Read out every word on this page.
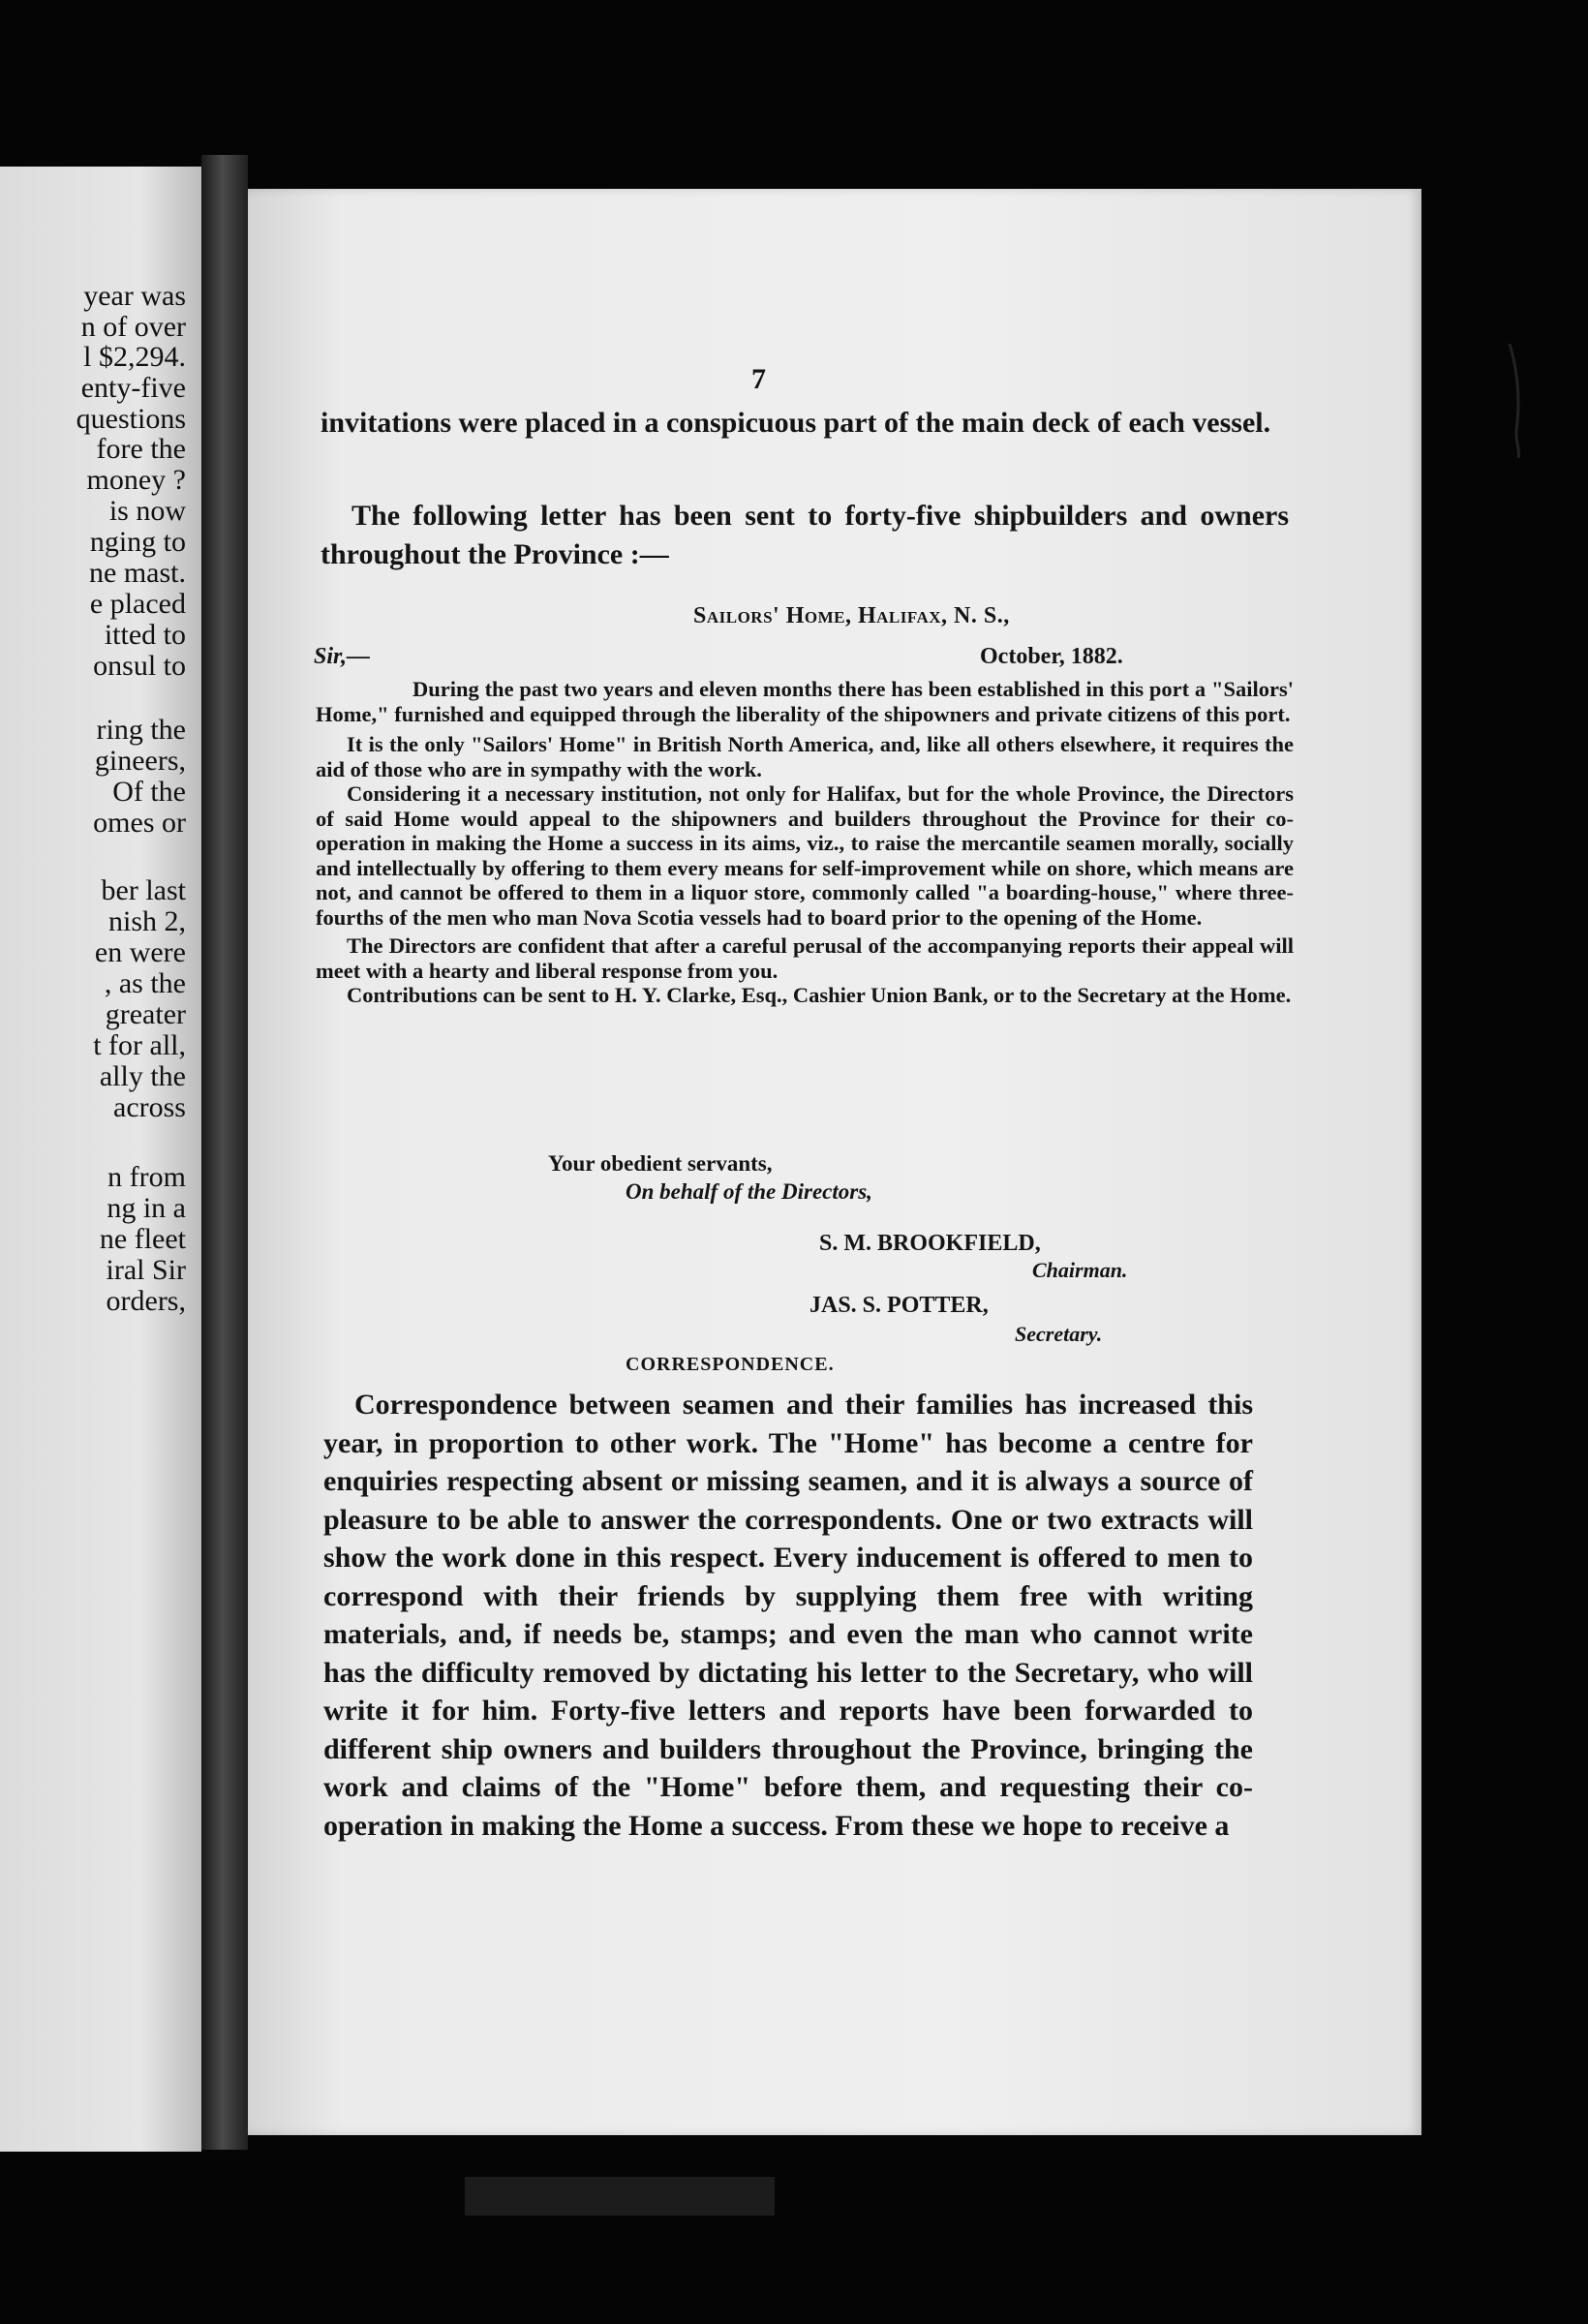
year was
n of over
l $2,294.
enty-five
questions
fore the
money ?
is now
nging to
ne mast.
e placed
itted to
onsul to
ring the
gineers,
Of the
omes or
ber last
nish 2,
en were
, as the
greater
t for all,
ally the
across
n from
ng in a
ne fleet
iral Sir
orders,
7
invitations were placed in a conspicuous part of the main deck of each vessel.
The following letter has been sent to forty-five shipbuilders and owners throughout the Province :—
Sailors' Home, Halifax, N. S.,
Sir,—	October, 1882.
During the past two years and eleven months there has been established in this port a "Sailors' Home," furnished and equipped through the liberality of the shipowners and private citizens of this port.
It is the only "Sailors' Home" in British North America, and, like all others elsewhere, it requires the aid of those who are in sympathy with the work.
Considering it a necessary institution, not only for Halifax, but for the whole Province, the Directors of said Home would appeal to the shipowners and builders throughout the Province for their co-operation in making the Home a success in its aims, viz., to raise the mercantile seamen morally, socially and intellectually by offering to them every means for self-improvement while on shore, which means are not, and cannot be offered to them in a liquor store, commonly called "a boarding-house," where three-fourths of the men who man Nova Scotia vessels had to board prior to the opening of the Home.
The Directors are confident that after a careful perusal of the accompanying reports their appeal will meet with a hearty and liberal response from you.
Contributions can be sent to H. Y. Clarke, Esq., Cashier Union Bank, or to the Secretary at the Home.
Your obedient servants,
On behalf of the Directors,
S. M. BROOKFIELD,
Chairman.
JAS. S. POTTER,
Secretary.
CORRESPONDENCE.
Correspondence between seamen and their families has increased this year, in proportion to other work. The "Home" has become a centre for enquiries respecting absent or missing seamen, and it is always a source of pleasure to be able to answer the correspondents. One or two extracts will show the work done in this respect. Every inducement is offered to men to correspond with their friends by supplying them free with writing materials, and, if needs be, stamps; and even the man who cannot write has the difficulty removed by dictating his letter to the Secretary, who will write it for him. Forty-five letters and reports have been forwarded to different ship owners and builders throughout the Province, bringing the work and claims of the "Home" before them, and requesting their co-operation in making the Home a success. From these we hope to receive a
